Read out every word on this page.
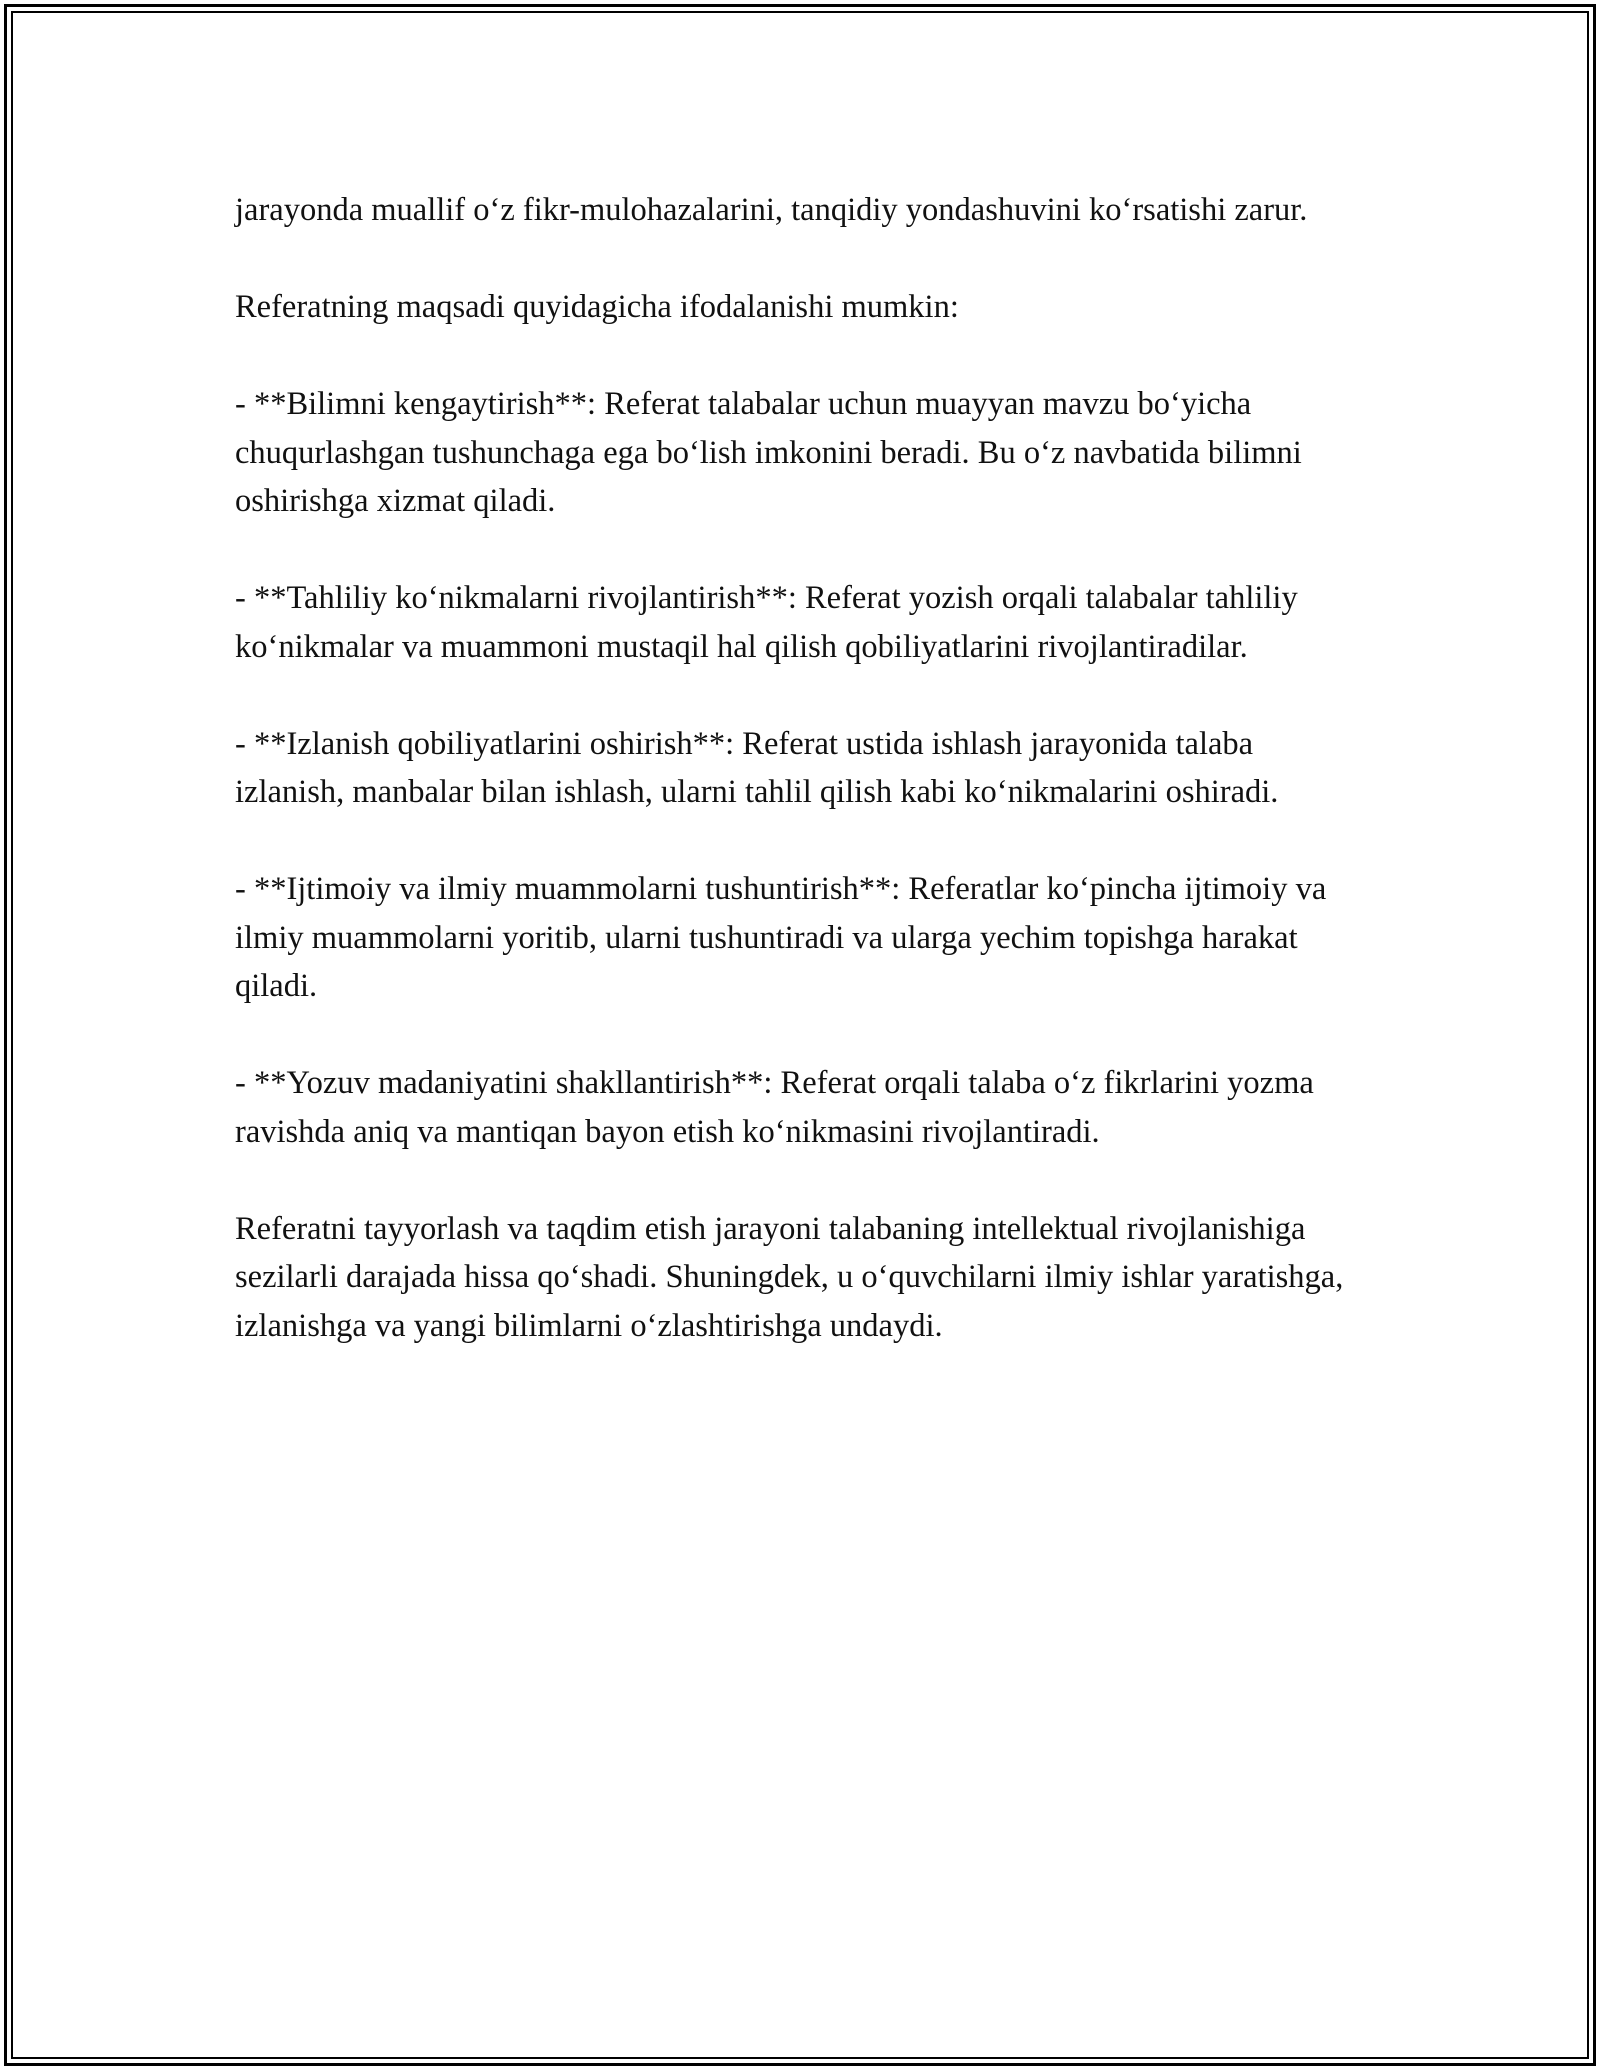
jarayonda muallif o‘z fikr-mulohazalarini, tanqidiy yondashuvini ko‘rsatishi zarur.

Referatning maqsadi quyidagicha ifodalanishi mumkin:

- **Bilimni kengaytirish**: Referat talabalar uchun muayyan mavzu bo‘yicha chuqurlashgan tushunchaga ega bo‘lish imkonini beradi. Bu o‘z navbatida bilimni oshirishga xizmat qiladi.

- **Tahliliy ko‘nikmalarni rivojlantirish**: Referat yozish orqali talabalar tahliliy ko‘nikmalar va muammoni mustaqil hal qilish qobiliyatlarini rivojlantiradilar.

- **Izlanish qobiliyatlarini oshirish**: Referat ustida ishlash jarayonida talaba izlanish, manbalar bilan ishlash, ularni tahlil qilish kabi ko‘nikmalarini oshiradi.

- **Ijtimoiy va ilmiy muammolarni tushuntirish**: Referatlar ko‘pincha ijtimoiy va ilmiy muammolarni yoritib, ularni tushuntiradi va ularga yechim topishga harakat qiladi.

- **Yozuv madaniyatini shakllantirish**: Referat orqali talaba o‘z fikrlarini yozma ravishda aniq va mantiqan bayon etish ko‘nikmasini rivojlantiradi.

Referatni tayyorlash va taqdim etish jarayoni talabaning intellektual rivojlanishiga sezilarli darajada hissa qo‘shadi. Shuningdek, u o‘quvchilarni ilmiy ishlar yaratishga, izlanishga va yangi bilimlarni o‘zlashtirishga undaydi.
